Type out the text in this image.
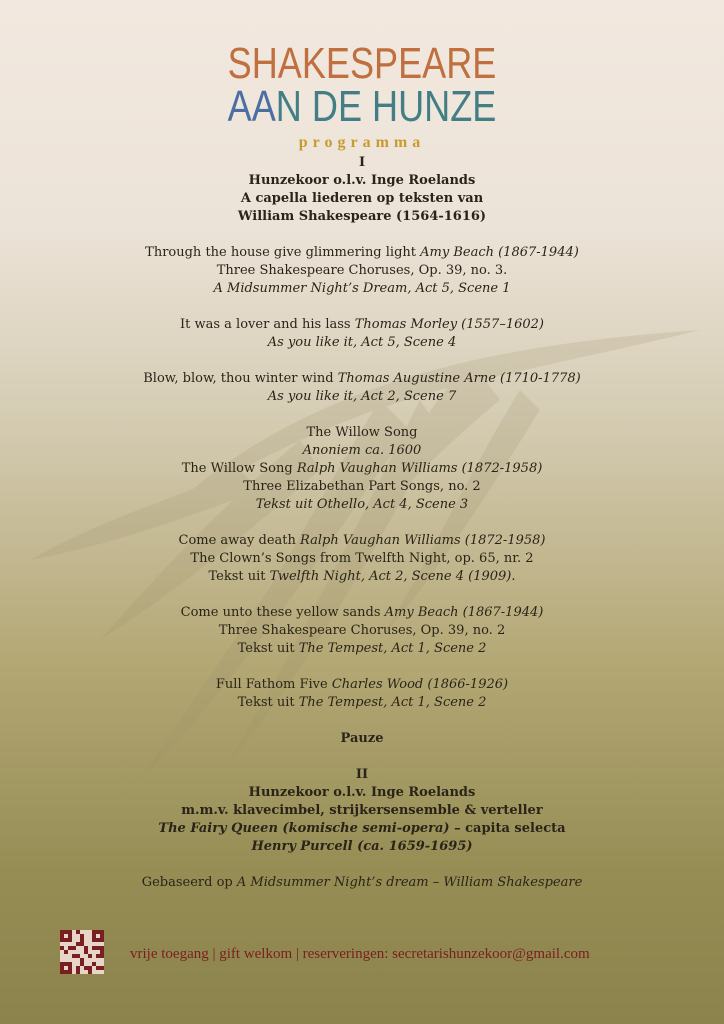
SHAKESPEARE
AAN DE HUNZE
programma
I
Hunzekoor o.l.v. Inge Roelands
A capella liederen op teksten van
William Shakespeare (1564-1616)
Through the house give glimmering light Amy Beach (1867-1944)
Three Shakespeare Choruses, Op. 39, no. 3.
A Midsummer Night’s Dream, Act 5, Scene 1
It was a lover and his lass Thomas Morley (1557–1602)
As you like it, Act 5, Scene 4
Blow, blow, thou winter wind Thomas Augustine Arne (1710-1778)
As you like it, Act 2, Scene 7
The Willow Song
Anoniem ca. 1600
The Willow Song Ralph Vaughan Williams (1872-1958)
Three Elizabethan Part Songs, no. 2
Tekst uit Othello, Act 4, Scene 3
Come away death Ralph Vaughan Williams (1872-1958)
The Clown’s Songs from Twelfth Night, op. 65, nr. 2
Tekst uit Twelfth Night, Act 2, Scene 4 (1909).
Come unto these yellow sands Amy Beach (1867-1944)
Three Shakespeare Choruses, Op. 39, no. 2
Tekst uit The Tempest, Act 1, Scene 2
Full Fathom Five Charles Wood (1866-1926)
Tekst uit The Tempest, Act 1, Scene 2
Pauze
II
Hunzekoor o.l.v. Inge Roelands
m.m.v. klavecimbel, strijkersensemble & verteller
The Fairy Queen (komische semi-opera) – capita selecta
Henry Purcell (ca. 1659-1695)
Gebaseerd op A Midsummer Night’s dream – William Shakespeare
vrije toegang | gift welkom | reserveringen: secretarishunzekoor@gmail.com
